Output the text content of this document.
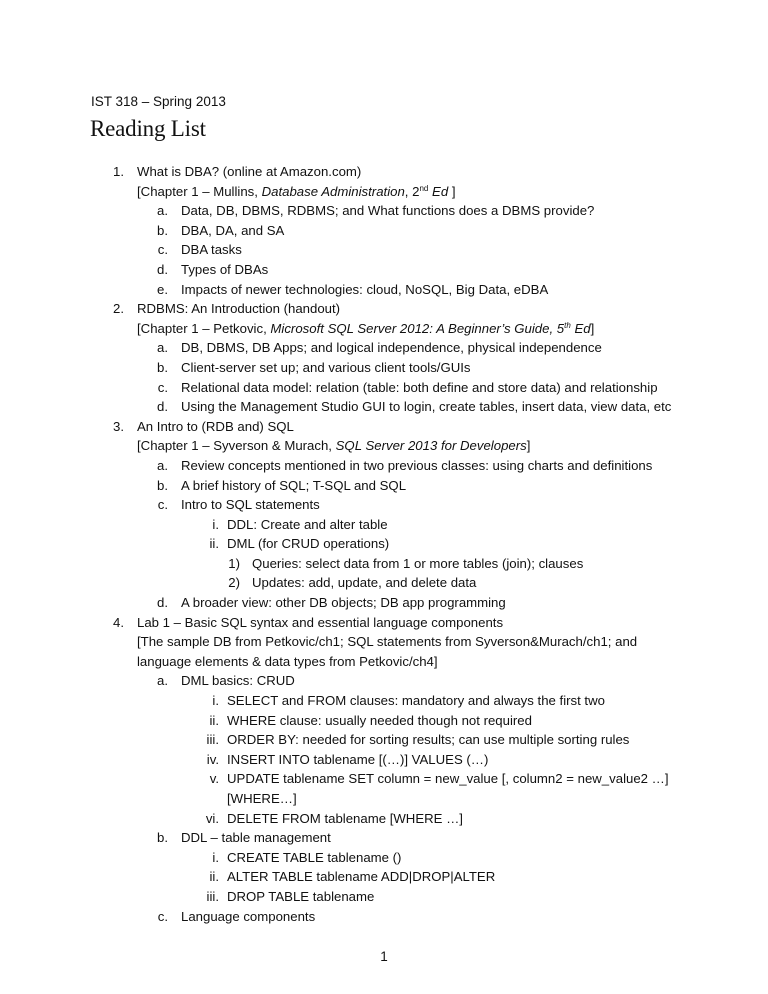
IST 318 – Spring 2013
Reading List
1. What is DBA? (online at Amazon.com)
[Chapter 1 – Mullins, Database Administration, 2nd Ed ]
a. Data, DB, DBMS, RDBMS; and What functions does a DBMS provide?
b. DBA, DA, and SA
c. DBA tasks
d. Types of DBAs
e. Impacts of newer technologies: cloud, NoSQL, Big Data, eDBA
2. RDBMS: An Introduction (handout)
[Chapter 1 – Petkovic, Microsoft SQL Server 2012: A Beginner’s Guide, 5th Ed]
a. DB, DBMS, DB Apps; and logical independence, physical independence
b. Client-server set up; and various client tools/GUIs
c. Relational data model: relation (table: both define and store data) and relationship
d. Using the Management Studio GUI to login, create tables, insert data, view data, etc
3. An Intro to (RDB and) SQL
[Chapter 1 – Syverson & Murach, SQL Server 2013 for Developers]
a. Review concepts mentioned in two previous classes: using charts and definitions
b. A brief history of SQL; T-SQL and SQL
c. Intro to SQL statements
i. DDL: Create and alter table
ii. DML (for CRUD operations)
1) Queries: select data from 1 or more tables (join); clauses
2) Updates: add, update, and delete data
d. A broader view: other DB objects; DB app programming
4. Lab 1 – Basic SQL syntax and essential language components
[The sample DB from Petkovic/ch1; SQL statements from Syverson&Murach/ch1; and
language elements & data types from Petkovic/ch4]
a. DML basics: CRUD
i. SELECT and FROM clauses: mandatory and always the first two
ii. WHERE clause: usually needed though not required
iii. ORDER BY: needed for sorting results; can use multiple sorting rules
iv. INSERT INTO tablename [(…)] VALUES (…)
v. UPDATE tablename SET column = new_value [, column2 = new_value2 …]
[WHERE…]
vi. DELETE FROM tablename [WHERE …]
b. DDL – table management
i. CREATE TABLE tablename ()
ii. ALTER TABLE tablename ADD|DROP|ALTER
iii. DROP TABLE tablename
c. Language components
1
